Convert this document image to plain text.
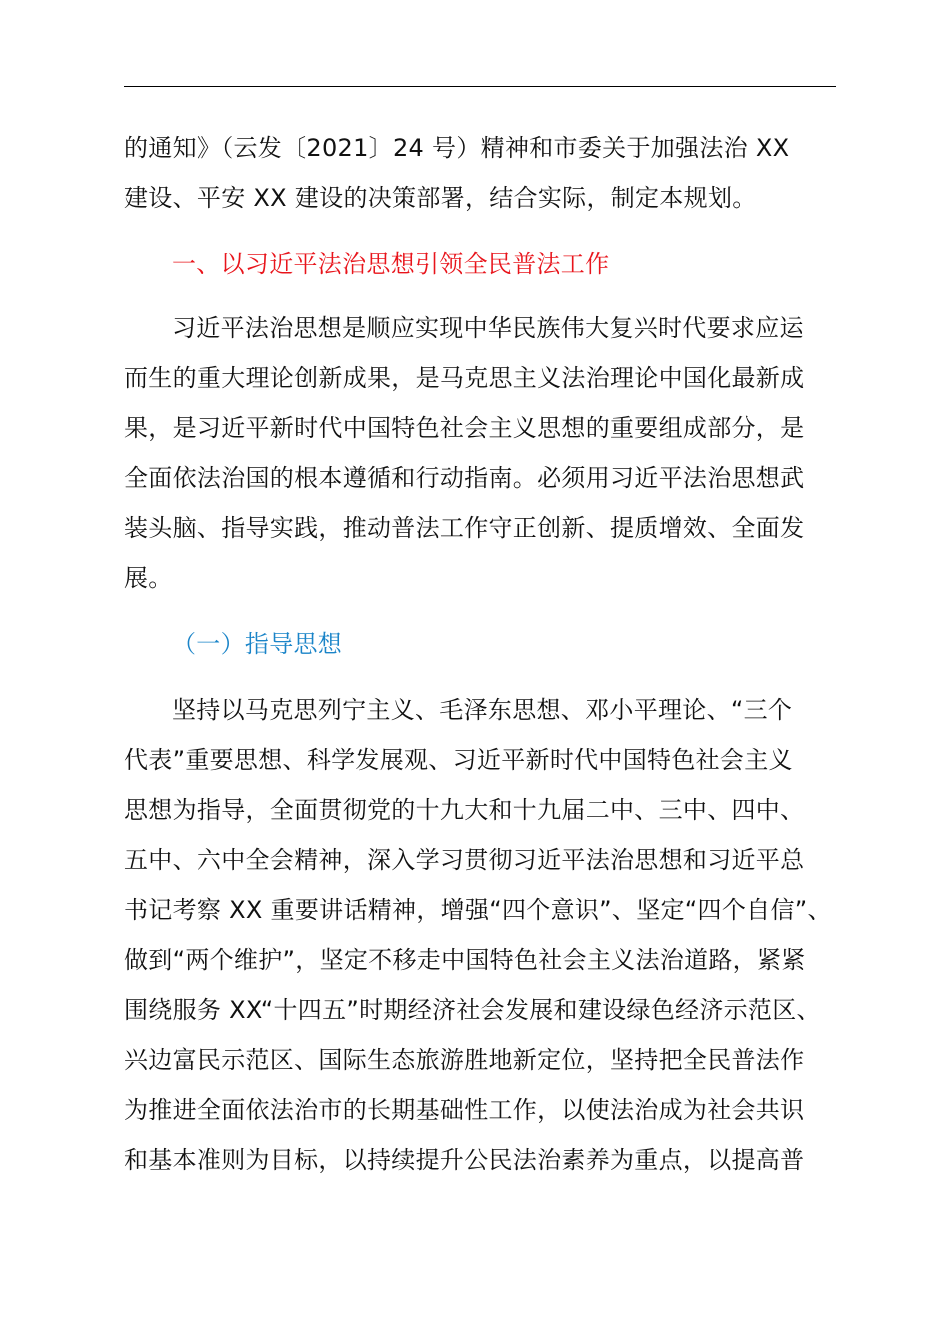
的通知》（云发〔2021〕24 号）精神和市委关于加强法治 XX
建设、平安 XX 建设的决策部署，结合实际，制定本规划。
一、以习近平法治思想引领全民普法工作
习近平法治思想是顺应实现中华民族伟大复兴时代要求应运
而生的重大理论创新成果，是马克思主义法治理论中国化最新成
果，是习近平新时代中国特色社会主义思想的重要组成部分，是
全面依法治国的根本遵循和行动指南。必须用习近平法治思想武
装头脑、指导实践，推动普法工作守正创新、提质增效、全面发
展。
（一）指导思想
坚持以马克思列宁主义、毛泽东思想、邓小平理论、“三个
代表”重要思想、科学发展观、习近平新时代中国特色社会主义
思想为指导，全面贯彻党的十九大和十九届二中、三中、四中、
五中、六中全会精神，深入学习贯彻习近平法治思想和习近平总
书记考察 XX 重要讲话精神，增强“四个意识”、坚定“四个自信”、
做到“两个维护”，坚定不移走中国特色社会主义法治道路，紧紧
围绕服务 XX“十四五”时期经济社会发展和建设绿色经济示范区、
兴边富民示范区、国际生态旅游胜地新定位，坚持把全民普法作
为推进全面依法治市的长期基础性工作，以使法治成为社会共识
和基本准则为目标，以持续提升公民法治素养为重点，以提高普
